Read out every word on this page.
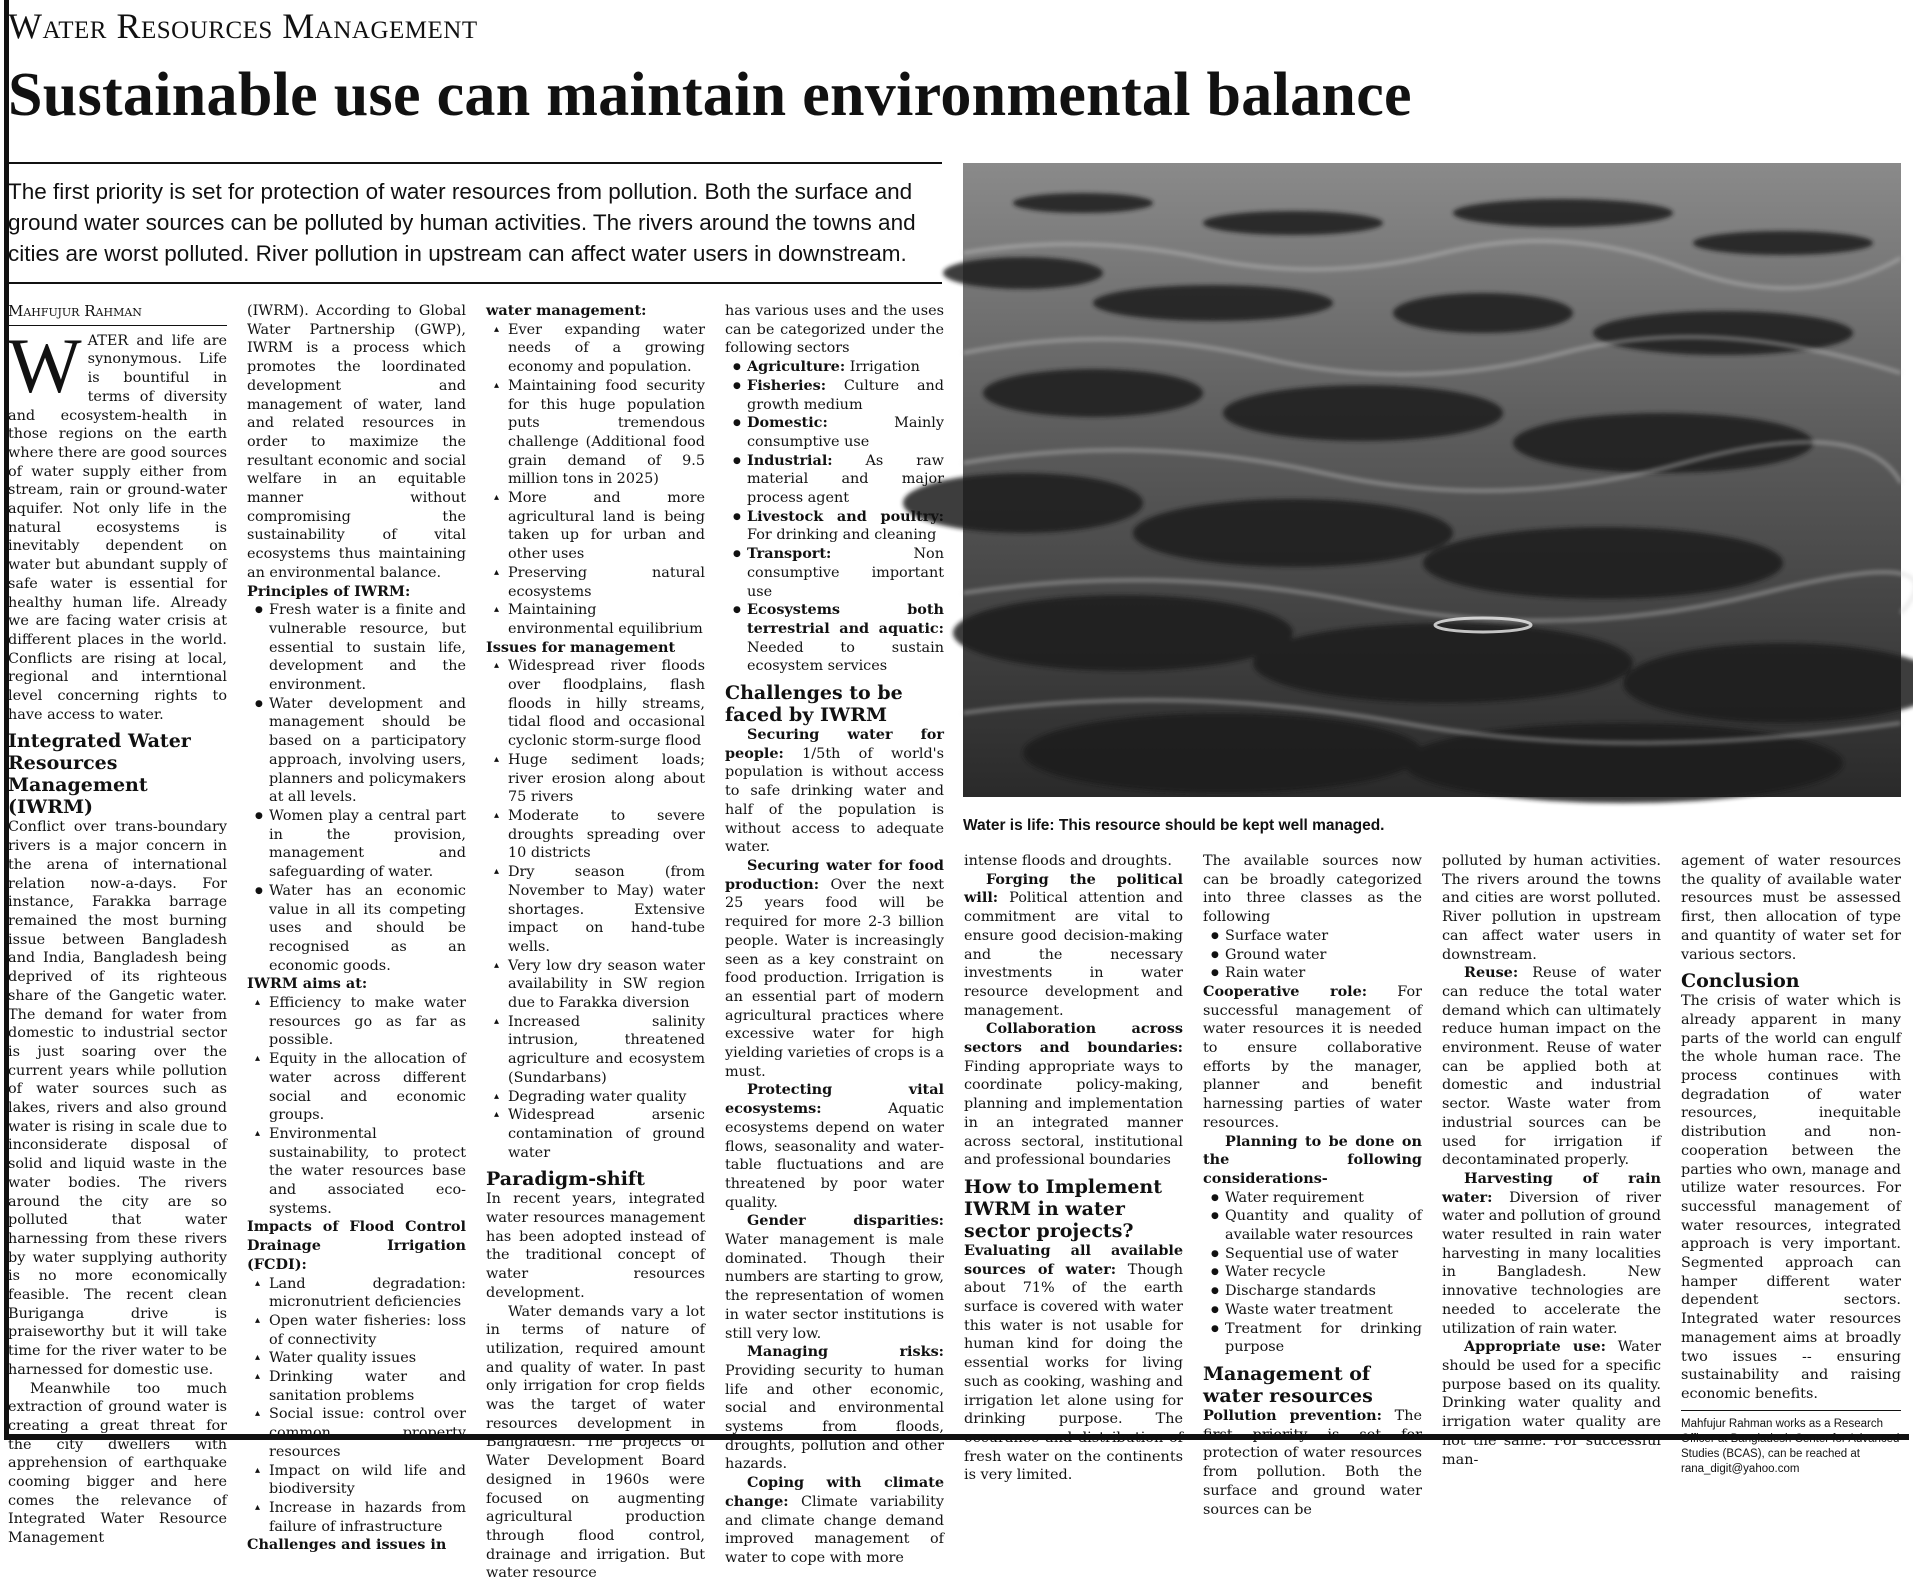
Water Resources Management
Sustainable use can maintain environmental balance
The first priority is set for protection of water resources from pollution. Both the surface and ground water sources can be polluted by human activities. The rivers around the towns and cities are worst polluted. River pollution in upstream can affect water users in downstream.
Water is life: This resource should be kept well managed.
Mahfujur Rahman

WATER and life are synonymous. Life is bountiful in terms of diversity and ecosystem-health in those regions on the earth where there are good sources of water supply either from stream, rain or ground-water aquifer. Not only life in the natural ecosystems is inevitably dependent on water but abundant supply of safe water is essential for healthy human life. Already we are facing water crisis at different places in the world. Conflicts are rising at local, regional and interntional level concerning rights to have access to water.

Integrated Water Resources Management (IWRM)

Conflict over trans-boundary rivers is a major concern in the arena of international relation now-a-days. For instance, Farakka barrage remained the most burning issue between Bangladesh and India, Bangladesh being deprived of its righteous share of the Gangetic water. The demand for water from domestic to industrial sector is just soaring over the current years while pollution of water sources such as lakes, rivers and also ground water is rising in scale due to inconsiderate disposal of solid and liquid waste in the water bodies. The rivers around the city are so polluted that water harnessing from these rivers by water supplying authority is no more economically feasible. The recent clean Buriganga drive is praiseworthy but it will take time for the river water to be harnessed for domestic use.

Meanwhile too much extraction of ground water is creating a great threat for the city dwellers with apprehension of earthquake cooming bigger and here comes the relevance of Integrated Water Resource Management

(IWRM). According to Global Water Partnership (GWP), IWRM is a process which promotes the loordinated development and management of water, land and related resources in order to maximize the resultant economic and social welfare in an equitable manner without compromising the sustainability of vital ecosystems thus maintaining an environmental balance.

Principles of IWRM:
● Fresh water is a finite and vulnerable resource, but essential to sustain life, development and the environment.
● Water development and management should be based on a participatory approach, involving users, planners and policymakers at all levels.
● Women play a central part in the provision, management and safeguarding of water.
● Water has an economic value in all its competing uses and should be recognised as an economic goods.
IWRM aims at:
▴ Efficiency to make water resources go as far as possible.
▴ Equity in the allocation of water across different social and economic groups.
▴ Environmental sustainability, to protect the water resources base and associated eco-systems.
Impacts of Flood Control Drainage Irrigation (FCDI):
▴ Land degradation: micronutrient deficiencies
▴ Open water fisheries: loss of connectivity
▴ Water quality issues
▴ Drinking water and sanitation problems
▴ Social issue: control over common property resources
▴ Impact on wild life and biodiversity
▴ Increase in hazards from failure of infrastructure
Challenges and issues in
water management:
▴ Ever expanding water needs of a growing economy and population.
▴ Maintaining food security for this huge population puts tremendous challenge (Additional food grain demand of 9.5 million tons in 2025)
▴ More and more agricultural land is being taken up for urban and other uses
▴ Preserving natural ecosystems
▴ Maintaining environmental equilibrium
Issues for management
▴ Widespread river floods over floodplains, flash floods in hilly streams, tidal flood and occasional cyclonic storm-surge flood
▴ Huge sediment loads; river erosion along about 75 rivers
▴ Moderate to severe droughts spreading over 10 districts
▴ Dry season (from November to May) water shortages. Extensive impact on hand-tube wells.
▴ Very low dry season water availability in SW region due to Farakka diversion
▴ Increased salinity intrusion, threatened agriculture and ecosystem (Sundarbans)
▴ Degrading water quality
▴ Widespread arsenic contamination of ground water
Paradigm-shift

In recent years, integrated water resources management has been adopted instead of the traditional concept of water resources development.

Water demands vary a lot in terms of nature of utilization, required amount and quality of water. In past only irrigation for crop fields was the target of water resources development in Bangladesh. The projects of Water Development Board designed in 1960s were focused on augmenting agricultural production through flood control, drainage and irrigation. But water resource

has various uses and the uses can be categorized under the following sectors

● Agriculture: Irrigation
● Fisheries: Culture and growth medium
● Domestic:	Mainly consumptive use
● Industrial: As raw material and major process agent
● Livestock and poultry: For drinking and cleaning
● Transport:	Non consumptive important use
● Ecosystems both terrestrial and aquatic: Needed to sustain ecosystem services
Challenges to be faced by IWRM

Securing water for people: 1/5th of world's population is without access to safe drinking water and half of the population is without access to adequate water.

Securing water for food production: Over the next 25 years food will be required for more 2-3 billion people. Water is increasingly seen as a key constraint on food production. Irrigation is an essential part of modern agricultural practices where excessive water for high yielding varieties of crops is a must.

Protecting vital ecosystems:	Aquatic ecosystems depend on water flows, seasonality and water-table fluctuations and are threatened by poor water quality.

Gender disparities: Water management is male dominated. Though their numbers are starting to grow, the representation of women in water sector institutions is still very low.

Managing risks: Providing security to human life and other economic, social and environmental systems from floods, droughts, pollution and other hazards.

Coping with climate change: Climate variability and climate change demand improved management of water to cope with more

intense floods and droughts.

Forging the political will: Political attention and commitment are vital to ensure good decision-making and the necessary investments in water resource development and management.

Collaboration across sectors and boundaries: Finding appropriate ways to coordinate policy-making, planning and implementation in an integrated manner across sectoral, institutional and professional boundaries

How to Implement IWRM in water sector projects?

Evaluating all available sources of water: Though about 71% of the earth surface is covered with water this water is not usable for human kind for doing the essential works for living such as cooking, washing and irrigation let alone using for drinking purpose. The occurance and distribution of fresh water on the continents is very limited.

The available sources now can be broadly categorized into three classes as the following

● Surface water
● Ground water
● Rain water

Cooperative role: For successful management of water resources it is needed to ensure collaborative efforts by the manager, planner and benefit harnessing parties of water resources.

Planning to be done on the following considerations-

● Water requirement
● Quantity and quality of available water resources
● Sequential use of water
● Water recycle
● Discharge standards
● Waste water treatment
● Treatment for drinking purpose
Management of water resources

Pollution prevention: The first priority is set for protection of water resources from pollution. Both the surface and ground water sources can be

polluted by human activities. The rivers around the towns and cities are worst polluted. River pollution in upstream can affect water users in downstream.

Reuse: Reuse of water can reduce the total water demand which can ultimately reduce human impact on the environment. Reuse of water can be applied both at domestic and industrial sector. Waste water from industrial sources can be used for irrigation if decontaminated properly.

Harvesting of rain water: Diversion of river water and pollution of ground water resulted in rain water harvesting in many localities in Bangladesh. New innovative technologies are needed to accelerate the utilization of rain water.

Appropriate use: Water should be used for a specific purpose based on its quality. Drinking water quality and irrigation water quality are not the same. For successful man-

agement of water resources the quality of available water resources must be assessed first, then allocation of type and quantity of water set for various sectors.

Conclusion

The crisis of water which is already apparent in many parts of the world can engulf the whole human race. The process continues with degradation of water resources, inequitable distribution and non-cooperation between the parties who own, manage and utilize water resources. For successful management of water resources, integrated approach is very important. Segmented approach can hamper different water dependent sectors. Integrated water resources management aims at broadly two issues -- ensuring sustainability and raising economic benefits.

Mahfujur Rahman works as a Research Officer at Bangladesh Center for Advanced Studies (BCAS), can be reached at rana_digit@yahoo.com
